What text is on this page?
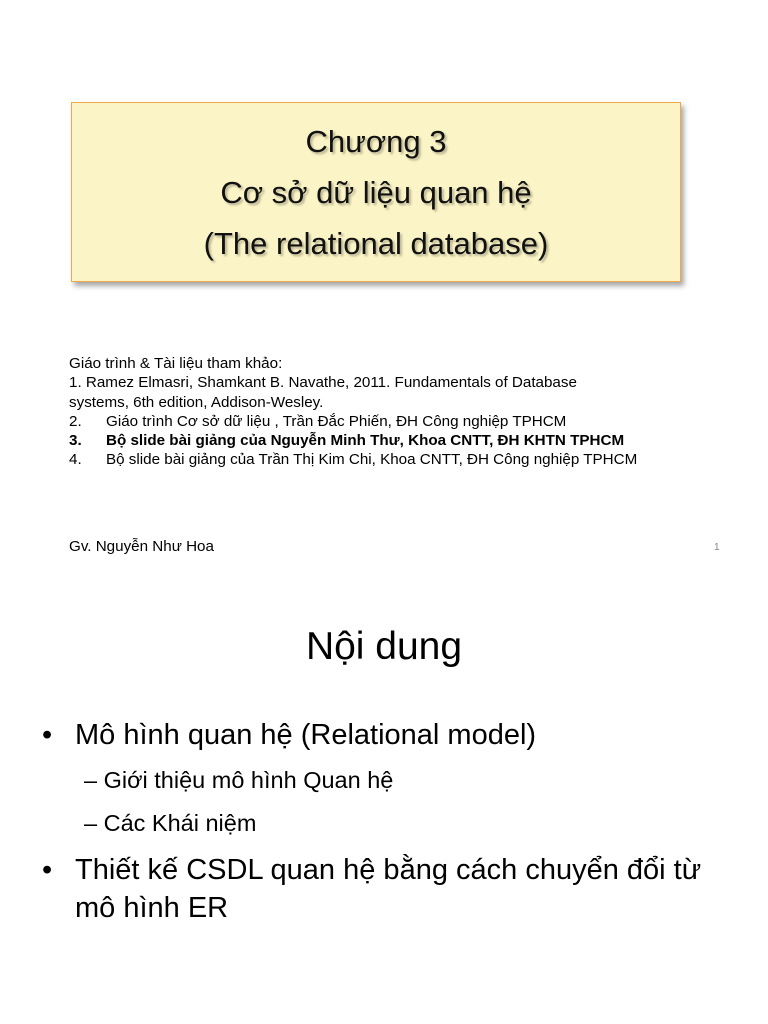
Chương 3
Cơ sở dữ liệu quan hệ
(The relational database)
Giáo trình & Tài liệu tham khảo:
1. Ramez Elmasri, Shamkant B. Navathe, 2011. Fundamentals of Database
systems, 6th edition, Addison-Wesley.
2.	Giáo trình Cơ sở dữ liệu , Trần Đắc Phiến, ĐH Công nghiệp TPHCM
3.	Bộ slide bài giảng của Nguyễn Minh Thư, Khoa CNTT, ĐH KHTN TPHCM
4.	Bộ slide bài giảng của Trần Thị Kim Chi, Khoa CNTT, ĐH Công nghiệp TPHCM
Gv. Nguyễn Như Hoa	1
Nội dung
• Mô hình quan hệ (Relational model)
– Giới thiệu mô hình Quan hệ
– Các Khái niệm
• Thiết kế CSDL quan hệ bằng cách chuyển đổi từ mô hình ER
